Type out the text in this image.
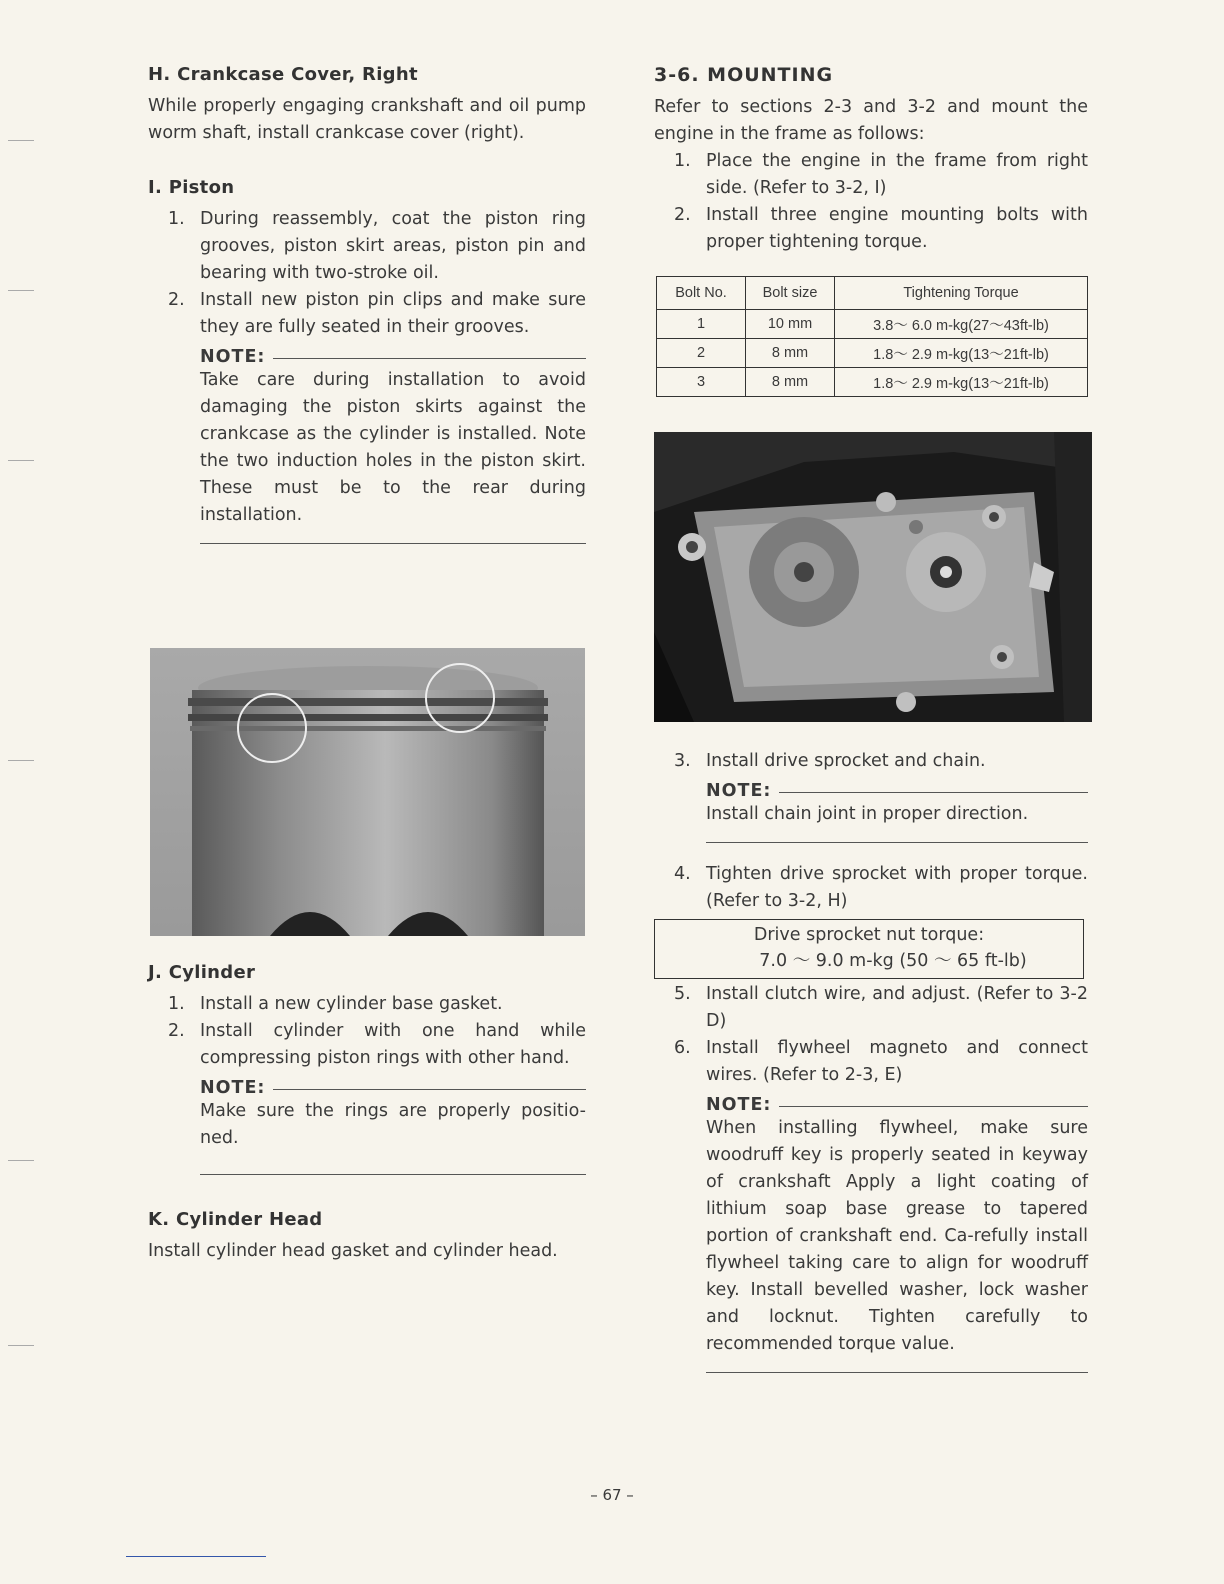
H. Crankcase Cover, Right

While properly engaging crankshaft and oil pump worm shaft, install crankcase cover (right).

I. Piston
1. During reassembly, coat the piston ring grooves, piston skirt areas, piston pin and bearing with two-stroke oil.
2. Install new piston pin clips and make sure they are fully seated in their grooves.
NOTE:
Take care during installation to avoid damaging the piston skirts against the crankcase as the cylinder is installed. Note the two induction holes in the piston skirt. These must be to the rear during installation.
J. Cylinder
1. Install a new cylinder base gasket.
2. Install cylinder with one hand while compressing piston rings with other hand.
NOTE:
Make sure the rings are properly positio-ned.
K. Cylinder Head

Install cylinder head gasket and cylinder head.

3-6. MOUNTING

Refer to sections 2-3 and 3-2 and mount the engine in the frame as follows:

1. Place the engine in the frame from right side. (Refer to 3-2, I)
2. Install three engine mounting bolts with proper tightening torque.
Bolt No.	Bolt size	Tightening Torque
1	10 mm	3.8～ 6.0 m-kg(27～43ft-lb)
2	8 mm	1.8～ 2.9 m-kg(13～21ft-lb)
3	8 mm	1.8～ 2.9 m-kg(13～21ft-lb)
3. Install drive sprocket and chain.
NOTE:
Install chain joint in proper direction.
4. Tighten drive sprocket with proper torque. (Refer to 3-2, H)
Drive sprocket nut torque:
7.0 ～ 9.0 m-kg (50 ～ 65 ft-lb)
5. Install clutch wire, and adjust. (Refer to 3-2 D)
6. Install flywheel magneto and connect wires. (Refer to 2-3, E)
NOTE:
When installing flywheel, make sure woodruff key is properly seated in keyway of crankshaft Apply a light coating of lithium soap base grease to tapered portion of crankshaft end. Ca-refully install flywheel taking care to align for woodruff key. Install bevelled washer, lock washer and locknut. Tighten carefully to recommended torque value.
– 67 –
